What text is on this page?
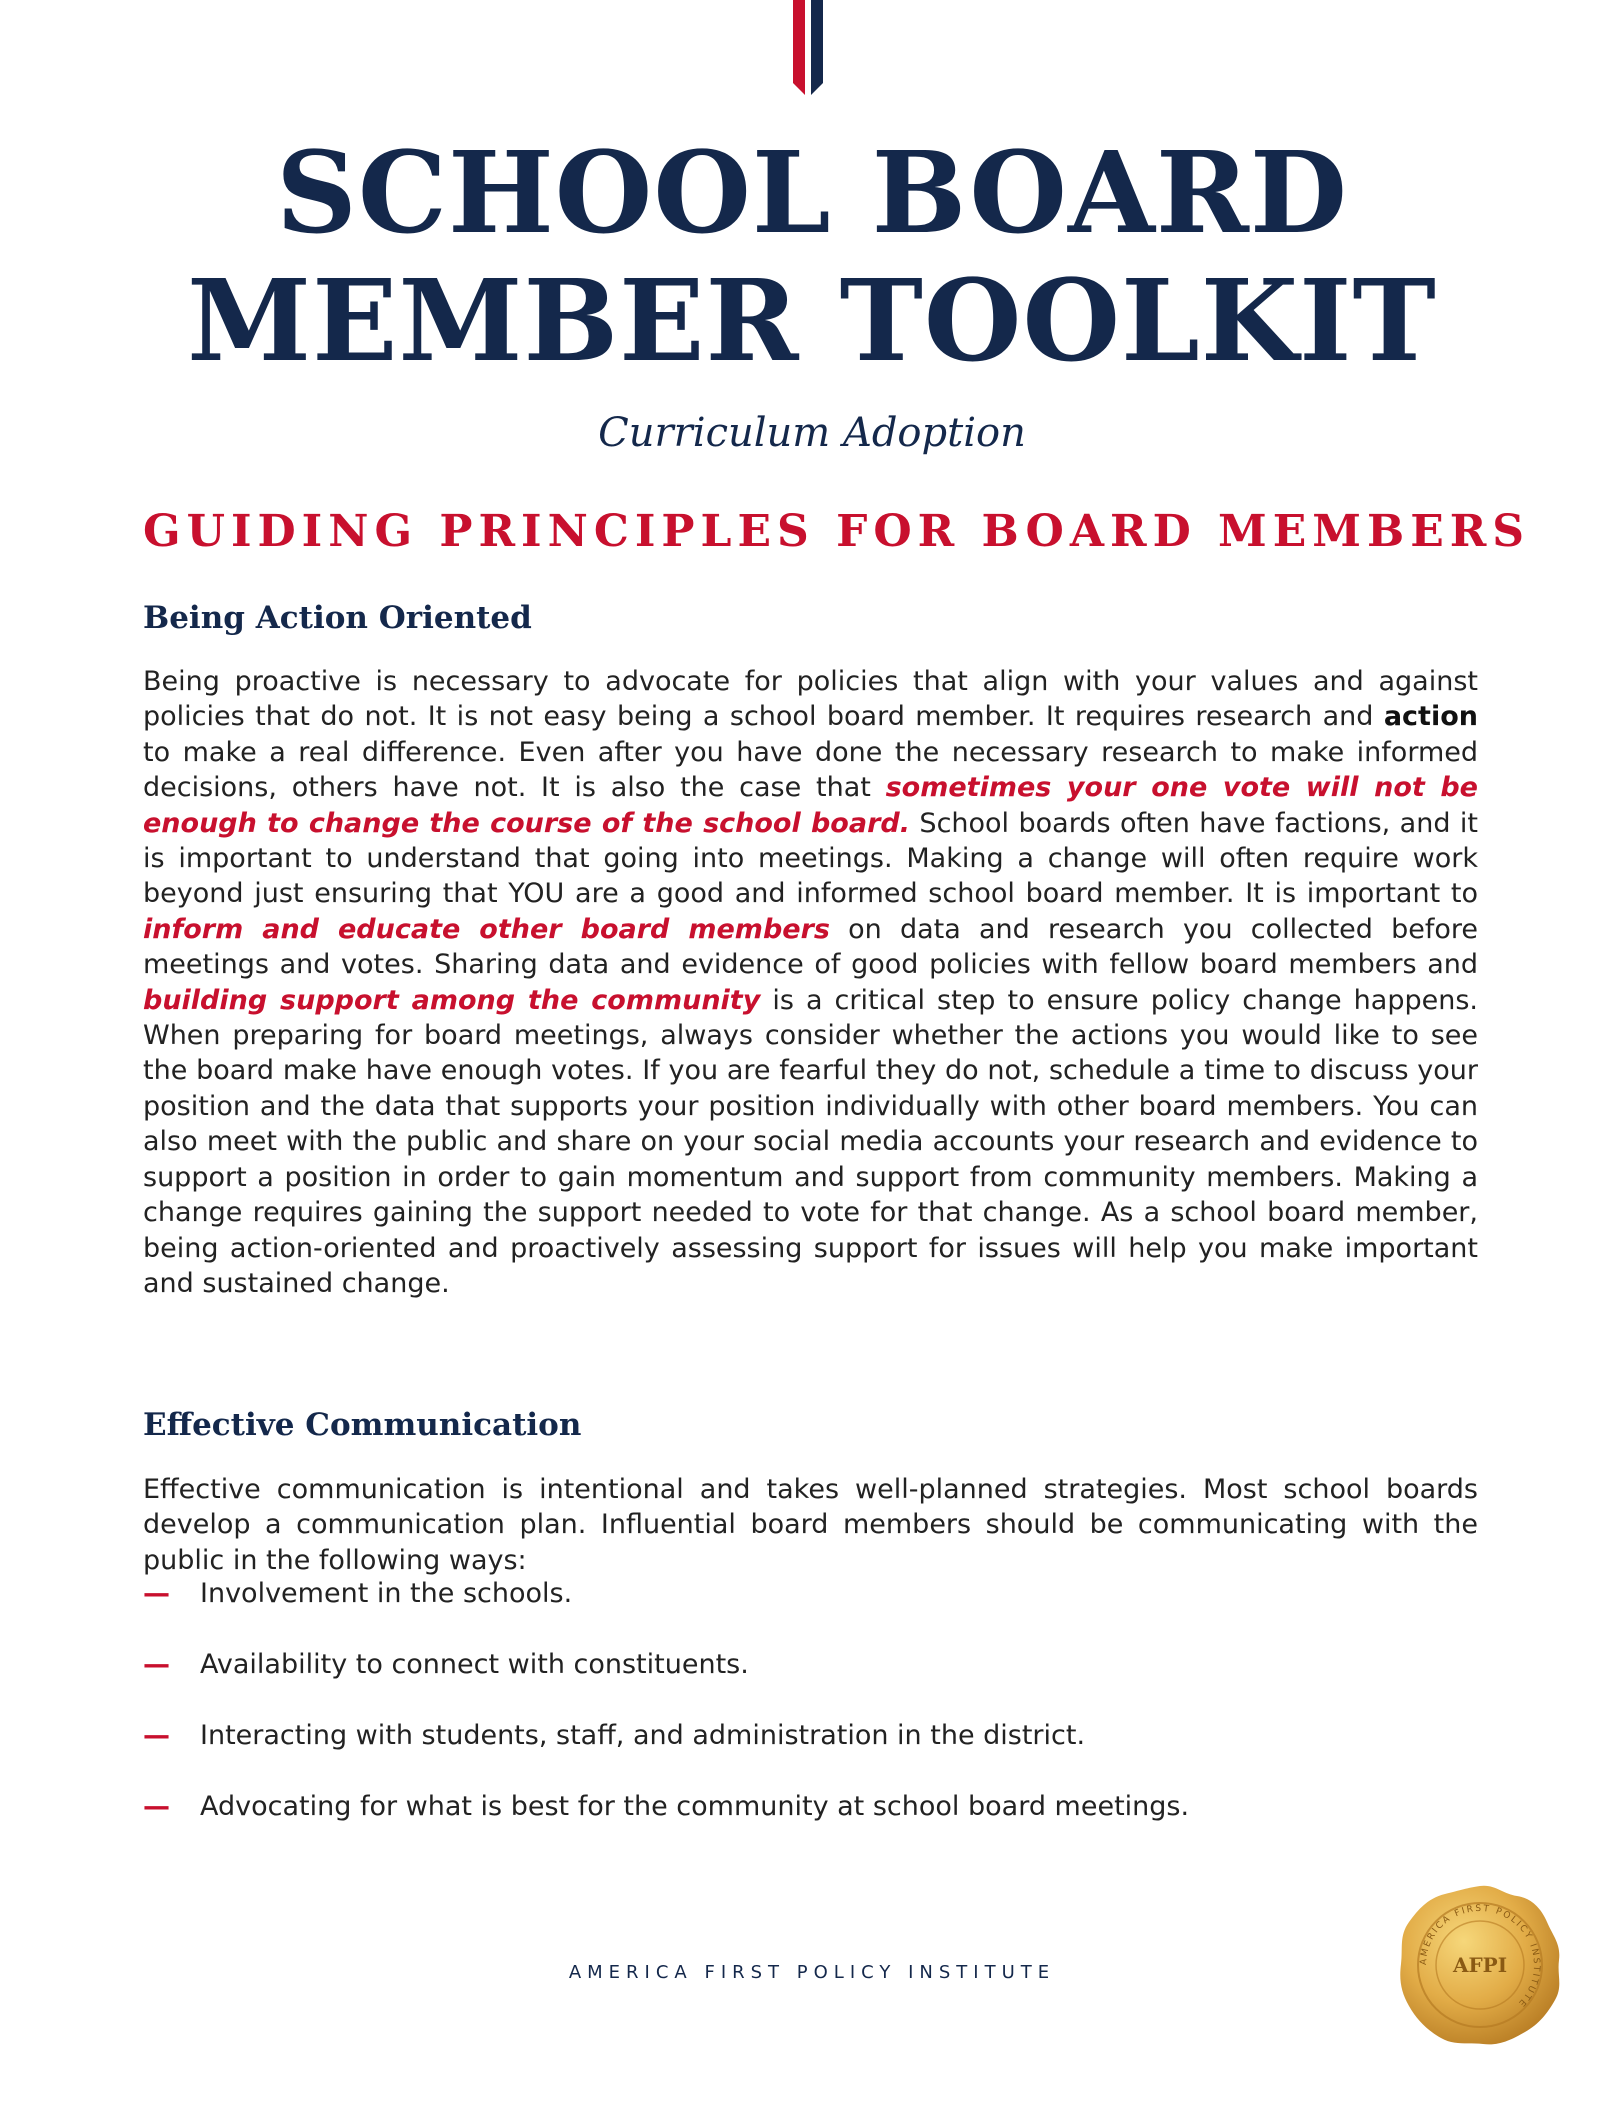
SCHOOL BOARD
MEMBER TOOLKIT
Curriculum Adoption
GUIDING PRINCIPLES FOR BOARD MEMBERS
Being Action Oriented
Being proactive is necessary to advocate for policies that align with your values and against policies that do not. It is not easy being a school board member. It requires research and action to make a real difference. Even after you have done the necessary research to make informed decisions, others have not. It is also the case that sometimes your one vote will not be enough to change the course of the school board. School boards often have factions, and it is important to understand that going into meetings. Making a change will often require work beyond just ensuring that YOU are a good and informed school board member. It is important to inform and educate other board members on data and research you collected before meetings and votes. Sharing data and evidence of good policies with fellow board members and building support among the community is a critical step to ensure policy change happens. When preparing for board meetings, always consider whether the actions you would like to see the board make have enough votes. If you are fearful they do not, schedule a time to discuss your position and the data that supports your position individually with other board members. You can also meet with the public and share on your social media accounts your research and evidence to support a position in order to gain momentum and support from community members. Making a change requires gaining the support needed to vote for that change. As a school board member, being action-oriented and proactively assessing support for issues will help you make important and sustained change.
Effective Communication
Effective communication is intentional and takes well-planned strategies. Most school boards develop a communication plan. Influential board members should be communicating with the public in the following ways:
—	Involvement in the schools.
—	Availability to connect with constituents.
—	Interacting with students, staff, and administration in the district.
—	Advocating for what is best for the community at school board meetings.
AMERICA FIRST POLICY INSTITUTE
AMERICA FIRST POLICY INSTITUTE
AFPI
